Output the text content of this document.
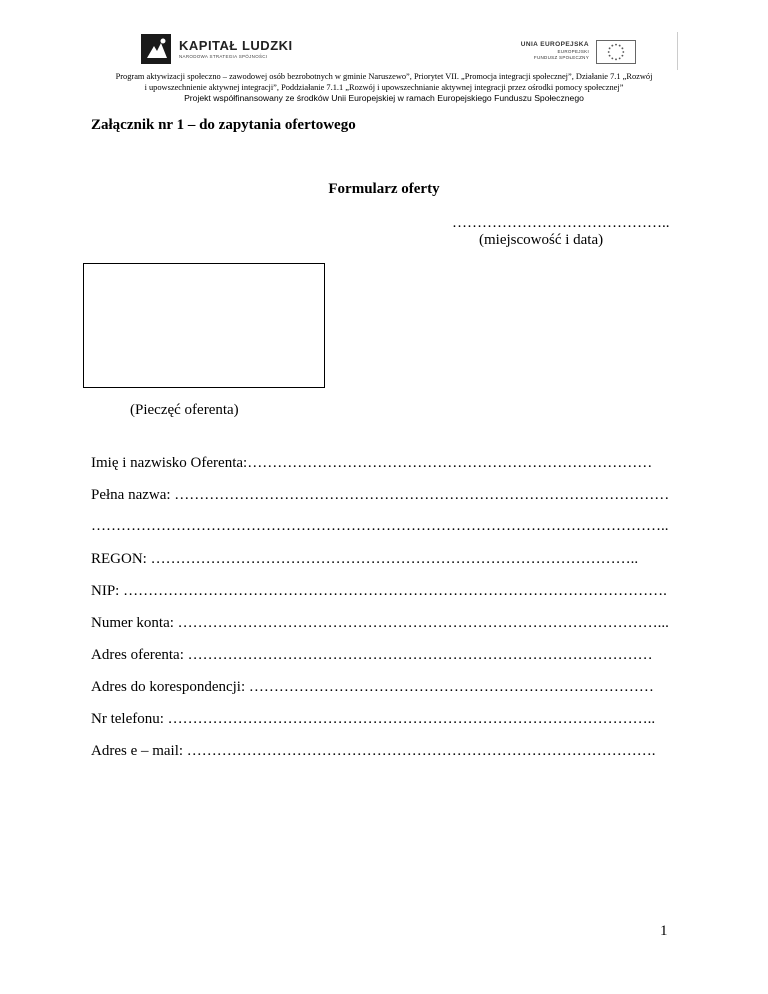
KAPITAŁ LUDZKI
NARODOWA STRATEGIA SPÓJNOŚCI
UNIA EUROPEJSKA
EUROPEJSKI
FUNDUSZ SPOŁECZNY
Program aktywizacji społeczno – zawodowej osób bezrobotnych w gminie Naruszewo”, Priorytet VII. „Promocja integracji społecznej”, Działanie 7.1 „Rozwój
i upowszechnienie aktywnej integracji”, Poddziałanie 7.1.1 „Rozwój i upowszechnianie aktywnej integracji przez ośrodki pomocy społecznej”
Projekt współfinansowany ze środków Unii Europejskiej w ramach Europejskiego Funduszu Społecznego
Załącznik nr 1 – do zapytania ofertowego
Formularz oferty
……………………………………..
(miejscowość i data)
(Pieczęć oferenta)
Imię i nazwisko Oferenta:………………………………………………………………………
Pełna nazwa: ………………………………………………………………………………………
……………………………………………………………………………………………………..
REGON: ……………………………………………………………………………………..
NIP: ……………………………………………………………………………………………….
Numer konta: ……………………………………………………………………………………...
Adres oferenta: …………………………………………………………………………………
Adres do korespondencji: ………………………………………………………………………
Nr telefonu: ……………………………………………………………………………………..
Adres e – mail: ………………………………………………………………………………….
1
